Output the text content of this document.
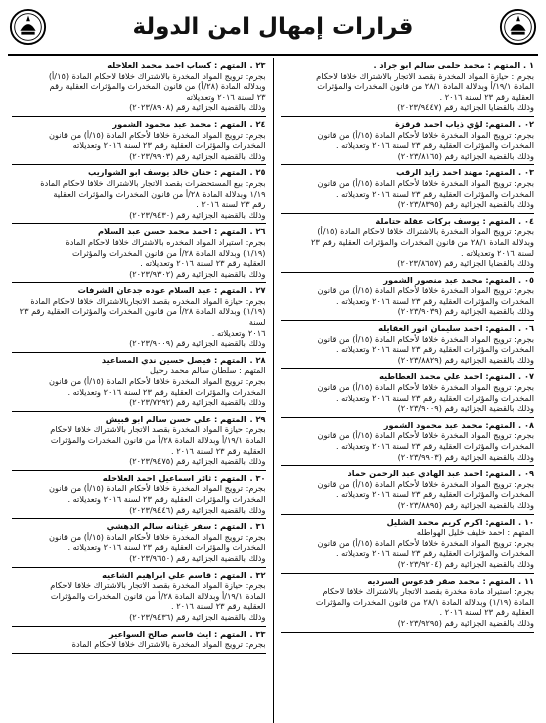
قرارات إمهال امن الدولة
١ . المتهم : محمد حلمى سالم ابو جراد .
بجرم : حيازة المواد المخدرة بقصد الاتجار بالاشتراك خلافا لاحكام
المادة ١٩/١/أ وبدلالة المادة ٢٨/١ من قانون المخدرات والمؤثرات
العقلية رقم ٢٣ لسنة ٢٠١٦ .
وذلك بالقضايا الجزائية رقم (٢٠٢٣/٩٤٤٧)
٠٢ . المتهم: لؤي ذياب احمد قرقزة
بجرم: ترويج المواد المخدرة خلافا لأحكام المادة (١٥/أ) من قانون
المخدرات والمؤثرات العقلية رقم ٢٣ لسنة ٢٠١٦ وتعديلاته .
وذلك بالقضية الجزائية رقم (٢٠٢٣/٨١٦٥)
٠٣ . المتهم: مهند احمد زايد الرقب
بجرم: ترويج المواد المخدرة خلافا لأحكام المادة (١٥/أ) من قانون
المخدرات والمؤثرات العقلية رقم ٢٣ لسنة ٢٠١٦ وتعديلاته .
وذلك بالقضية الجزائية رقم (٢٠٢٣/٨٣٩٥)
٠٤ . المتهم : يوسف بركات عقلة حتاملة
بجرم: ترويج المواد المخدرة بالاشتراك خلافا لاحكام المادة (١٥/أ)
وبدلالة المادة ٢٨/١ من قانون المخدرات والمؤثرات العقلية رقم ٢٣
لسنة ٢٠١٦ وتعديلاته .
وذلك بالقضايا الجزائية رقم (٢٠٢٣/٨٦٥٧)
٠٥ . المتهم: محمد عبد منصور الشمور
بجرم: ترويج المواد المخدرة خلافا لأحكام المادة (١٥/أ) من قانون
المخدرات والمؤثرات العقلية رقم ٢٣ لسنة ٢٠١٦ وتعديلاته .
وذلك بالقضية الجزائية رقم (٢٠٢٣/٩٠٣٩)
٠٦ . المتهم: احمد سليمان انور العقايله
بجرم: ترويج المواد المخدرة خلافا لأحكام المادة (١٥/أ) من قانون
المخدرات والمؤثرات العقلية رقم ٢٣ لسنة ٢٠١٦ وتعديلاته .
وذلك بالقضية الجزائية رقم (٢٠٢٣/٨٨٢٩)
٠٧ . المتهم: احمد علي محمد العطاطيه
بجرم: ترويج المواد المخدرة خلافا لأحكام المادة (١٥/أ) من قانون
المخدرات والمؤثرات العقلية رقم ٢٣ لسنة ٢٠١٦ وتعديلاته .
وذلك بالقضية الجزائية رقم (٢٠٢٣/٩٠٠٩)
٠٨ . المتهم: محمد عبد محمود الشمور
بجرم: ترويج المواد المخدرة خلافا لأحكام المادة (١٥/أ) من قانون
المخدرات والمؤثرات العقلية رقم ٢٣ لسنة ٢٠١٦ وتعديلاته .
وذلك بالقضية الجزائية رقم (٢٠٢٣/٩٩٠٣)
٠٩ . المتهم: احمد عبد الهادي عبد الرحمن حماد
بجرم: ترويج المواد المخدرة خلافا لأحكام المادة (١٥/أ) من قانون
المخدرات والمؤثرات العقلية رقم ٢٣ لسنة ٢٠١٦ وتعديلاته .
وذلك بالقضية الجزائية رقم (٢٠٢٣/٨٨٩٥)
١٠ . المتهم: اكرم كريم محمد الشليل
المتهم : احمد خليف خليل الهواطله
بجرم: ترويج المواد المخدرة خلافا لأحكام المادة (١٥/أ) من قانون
المخدرات والمؤثرات العقلية رقم ٢٣ لسنة ٢٠١٦ وتعديلاته .
وذلك بالقضية الجزائية رقم (٢٠٢٣/٩٢٠٤)
١١ . المتهم : محمد صقر قدعوس السرديه
بجرم: استيراد مادة مخدرة بقصد الاتجار بالاشتراك خلافا لاحكام
المادة (١/١٩) وبدلالة المادة ٢٨/١ من قانون المخدرات والمؤثرات
العقلية رقم ٢٣ لسنة ٢٠١٦ .
وذلك بالقضية الجزائية رقم (٢٠٢٣/٩٢٩٥)
٢٣ . المتهم : كساب احمد محمد العلاحله
بجرم: ترويج المواد المخدرة بالاشتراك خلافا لاحكام المادة (١٥/أ)
وبدلاله المادة (٢٨/أ) من قانون المخدرات والمؤثرات العقلية رقم
٢٣ لسنة ٢٠١٦ وتعديلاته
وذلك بالقضية الجزائية رقم (٢٠٢٣/٨٩٠٨)
٢٤ . المتهم : محمد عبد محمود الشمور
بجرم: ترويج المواد المخدرة خلافا لأحكام المادة (١٥/أ) من قانون
المخدرات والمؤثرات العقلية رقم ٢٣ لسنة ٢٠١٦ وتعديلاته
وذلك بالقضية الجزائية رقم (٢٠٢٣/٩٩٠٣)
٢٥ . المتهم : حنان خالد يوسف ابو الشواريب
بجرم: بيع المستحضرات بقصد الاتجار بالاشتراك خلافا لاحكام المادة
١/١٩ وبدلالة المادة ٢٨/أ من قانون المخدرات والمؤثرات العقلية
رقم ٢٣ لسنة ٢٠١٦ .
وذلك بالقضية الجزائية رقم (٢٠٢٣/٩٤٣٠)
٢٦ . المتهم : احمد محمد حسن عبد السلام
بجرم: استيراد المواد المخدره بالاشتراك خلافا لاحكام المادة
(١/١٩) وبدلالة المادة ٢٨/أ من قانون المخدرات والمؤثرات
العقلية رقم ٢٣ لسنة ٢٠١٦ وتعديلاته .
وذلك بالقضية الجزائية رقم (٢٠٢٣/٩٣٠٢)
٢٧ . المتهم : عبد السلام عوده جدعان الشرفات
بجرم: حيازة المواد المخدره بقصد الاتجاربالاشتراك خلافا لاحكام المادة
(١/١٩) وبدلالة المادة ٢٨/أ من قانون المخدرات والمؤثرات العقلية رقم ٢٣ لسنة
٢٠١٦ وتعديلاته .
وذلك بالقضية الجزائية رقم (٢٠٢٣/٩٠٠٩)
٢٨ . المتهم : فيصل حسين ندي المساعيد
المتهم : سلطان سالم محمد رحيل
بجرم: ترويج المواد المخدرة خلافا لأحكام المادة (١٥/أ) من قانون
المخدرات والمؤثرات العقلية رقم ٢٣ لسنة ٢٠١٦ وتعديلاته .
وذلك بالقضية الجزائية رقم (٢٠٢٣/٧٢٩٢)
٢٩ . المتهم : علي حسن سالم ابو قبيش
بجرم: حيازة المواد المخدرة بقصد الاتجار بالاشتراك خلافا لاحكام
المادة ١٩/١/أ وبدلالة المادة ٢٨/أ من قانون المخدرات والمؤثرات
العقلية رقم ٢٣ لسنة ٢٠١٦ .
وذلك بالقضية الجزائية رقم (٢٠٢٣/٩٤٧٥)
٣٠ . المتهم : ثائر اسماعيل احمد العلاحله
بجرم: ترويج المواد المخدرة خلافا لأحكام المادة (١٥/أ) من قانون
المخدرات والمؤثرات العقلية رقم ٢٣ لسنة ٢٠١٦ وتعديلاته .
وذلك بالقضية الجزائية رقم (٢٠٢٣/٩٤٤٦)
٣١ . المتهم : سفر غيثانه سالم الدهشي
بجرم: ترويج المواد المخدرة خلافا لأحكام المادة (١٥/أ) من قانون
المخدرات والمؤثرات العقلية رقم ٢٣ لسنة ٢٠١٦ وتعديلاته .
وذلك بالقضية الجزائية رقم (٢٠٢٣/٩٦٥٠)
٣٢ . المتهم : قاسم علي ابراهيم الشاعيه
بجرم: حيازة المواد المخدرة بقصد الاتجار بالاشتراك خلافا لاحكام
المادة ١٩/١/أ وبدلالة المادة ٢٨/أ من قانون المخدرات والمؤثرات
العقلية رقم ٢٣ لسنة ٢٠١٦ .
وذلك بالقضية الجزائية رقم (٢٠٢٣/٩٤٣٦)
٣٣ . المتهم : ايث قاسم صالح السواعير
بجرم: ترويج المواد المخدرة بالاشتراك خلافا لاحكام المادة
